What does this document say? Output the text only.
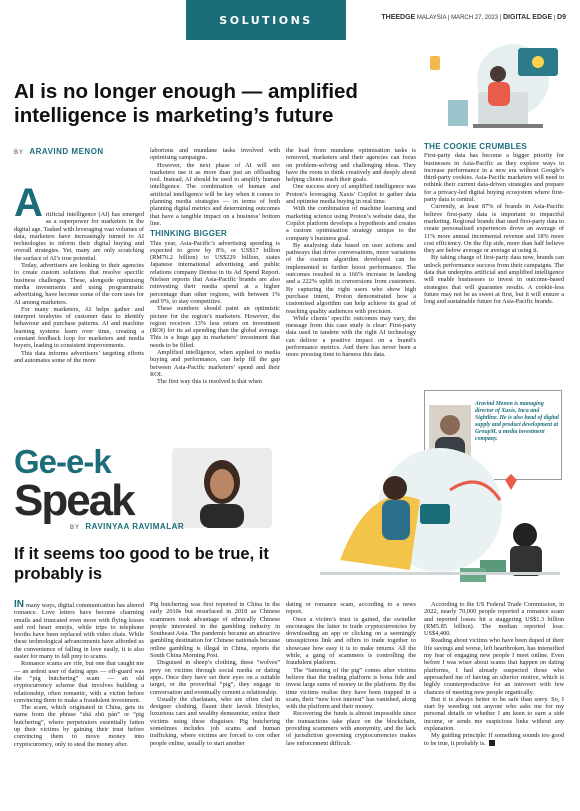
SOLUTIONS	THEEDGE MALAYSIA | MARCH 27, 2023 | DIGITAL EDGE | D9
AI is no longer enough — amplified intelligence is marketing’s future
BY ARAVIND MENON
A rtificial intelligence (AI) has emerged as a superpower for marketers in the digital age. Tasked with leveraging vast volumes of data, marketers have increasingly turned to AI technologies to inform their digital buying and overall strategies. Yet, many are only scratching the surface of AI’s true potential.

Today, advertisers are looking to their agencies to create custom solutions that resolve specific business challenges. These, alongside optimising media investments and using programmatic advertising, have become some of the core uses for AI among marketers.

For many marketers, AI helps gather and interpret terabytes of customer data to identify behaviour and purchase patterns. AI and machine learning systems learn over time, creating a constant feedback loop for marketers and media buyers, leading to consistent improvements.

This data informs advertisers’ targeting efforts and automates some of the more

laborious and mundane tasks involved with optimising campaigns.

However, the next phase of AI will see marketers use it as more than just an offloading tool. Instead, AI should be used to amplify human intelligence. The combination of human and artificial intelligence will be key when it comes to planning media strategies — in terms of both planning digital metrics and determining outcomes that have a tangible impact on a business’ bottom line.

THINKING BIGGER

This year, Asia-Pacific’s advertising spending is expected to grow by 8%, or US$17 billion (RM76.2 billion) to US$229 billion, states Japanese international advertising and public relations company Dentsu in its Ad Spend Report. Nielsen reports that Asia-Pacific brands are also reinvesting their media spend at a higher percentage than other regions, with between 1% and 9%, to stay competitive.

These numbers should paint an optimistic picture for the region’s marketers. However, the region receives 13% less return on investment (ROI) for its ad spending than the global average. This is a huge gap in marketers’ investment that needs to be filled.

Amplified intelligence, when applied to media buying and performance, can help fill the gap between Asia-Pacific marketers’ spend and their ROI.

The first way this is resolved is that when

the load from mundane optimisation tasks is removed, marketers and their agencies can focus on problem-solving and challenging ideas. They have the room to think creatively and deeply about helping clients reach their goals.

One success story of amplified intelligence was Proton’s leveraging Xaxis’ Copilot to gather data and optimise media buying in real time.

With the combination of machine learning and marketing science using Proton’s website data, the Copilot platform develops a hypothesis and creates a custom optimisation strategy unique to the company’s business goal.

By analysing data based on user actions and pathways that drive conversations, more variations of the custom algorithm developed can be implemented to further boost performance. The outcomes resulted in a 166% increase in landing and a 222% uplift in conversions from customers. By capturing the right users who show high purchase intent, Proton demonstrated how a customised algorithm can help achieve its goal of reaching quality audiences with precision.

While clients’ specific outcomes may vary, the message from this case study is clear: First-party data used in tandem with the right AI technology can deliver a positive impact on a brand’s performance metrics. And there has never been a more pressing time to harness this data.

THE COOKIE CRUMBLES

First-party data has become a bigger priority for businesses in Asia-Pacific as they explore ways to increase performance in a new era without Google’s third-party cookies. Asia-Pacific marketers will need to rethink their current data-driven strategies and prepare for a privacy-led digital buying ecosystem where first-party data is central.

Currently, at least 87% of brands in Asia-Pacific believe first-party data is important to impactful marketing. Regional brands that used first-party data to create personalised experiences drove an average of 11% more annual incremental revenue and 18% more cost efficiency. On the flip side, more than half believe they are below average or average at using it.

By taking charge of first-party data now, brands can unlock performance success from their campaigns. The data that underpins artificial and amplified intelligence will enable businesses to invest in outcome-based strategies that will guarantee results. A cookie-less future may not be as sweet at first, but it will ensure a long and sustainable future for Asia-Pacific brands.

Aravind Menon is managing director of Xaxis, Inca and Sightline. He is also head of digital supply and product development at GroupM, a media investment company.
Ge-e-k
Speak
BY RAVINYAA RAVIMALAR
If it seems too good to be true, it probably is

IN many ways, digital communication has altered romance. Love letters have become charming emails and truncated even more with flying kisses and red heart emojis, while trips to telephone booths have been replaced with video chats. While these technological advancements have afforded us the convenience of falling in love easily, it is also easier for many to fall prey to scams.

Romance scams are rife, but one that caught me — an ardent user of dating apps — off-guard was the “pig butchering” scam — an old cryptocurrency scheme that involves building a relationship, often romantic, with a victim before convincing them to make a fraudulent investment.

The scam, which originated in China, gets its name from the phrase “shā zhū pán” or “pig butchering”, where perpetrators essentially fatten up their victims by gaining their trust before convincing them to move money into cryptocurrency, only to steal the money after.

Pig butchering was first reported in China in the early 2010s but resurfaced in 2018 as Chinese scammers took advantage of ethnically Chinese people interested in the gambling industry in Southeast Asia. The pandemic became an attractive gambling destination for Chinese nationals because online gambling is illegal in China, reports the South China Morning Post.

Disguised in sheep’s clothing, these “wolves” prey on victims through social media or dating apps. Once they have set their eyes on a suitable target, or the proverbial “pig”, they engage in conversation and eventually cement a relationship.

Usually the charlatans, who are often clad in designer clothing, flaunt their lavish lifestyles, luxurious cars and wealthy demeanour, entice their victims using these disguises. Pig butchering sometimes includes job scams and human trafficking, where victims are forced to con other people online, usually to start another

dating or romance scam, according to a news report.

Once a victim’s trust is gained, the swindler encourages the latter to trade cryptocurrencies by downloading an app or clicking on a seemingly unsuspicious link and offers to trade together to showcase how easy it is to make returns. All the while, a gang of scammers is controlling the fraudulent platform.

The “fattening of the pig” comes after victims believe that the trading platform is bona fide and invest large sums of money in the platform. By the time victims realise they have been trapped in a scam, their “new love interest” has vanished, along with the platform and their money.

Recovering the funds is almost impossible since the transactions take place on the blockchain, providing scammers with anonymity, and the lack of jurisdiction governing cryptocurrencies makes law enforcement difficult.

According to the US Federal Trade Commission, in 2022, nearly 70,000 people reported a romance scam and reported losses hit a staggering US$1.3 billion (RM5.85 billion). The median reported loss: US$4,400.

Reading about victims who have been duped of their life savings and worse, left heartbroken, has intensified my fear of engaging new people I meet online. Even before I was wiser about scams that happen on dating platforms, I had already suspected those who approached me of having an ulterior motive, which is highly counterproductive for an introvert with few chances of meeting new people organically.

But it is always better to be safe than sorry. So, I start by weeding out anyone who asks me for my personal details or whether I am keen to earn a side income, or sends me suspicious links without any explanation.

My guiding principle: If something sounds too good to be true, it probably is.
